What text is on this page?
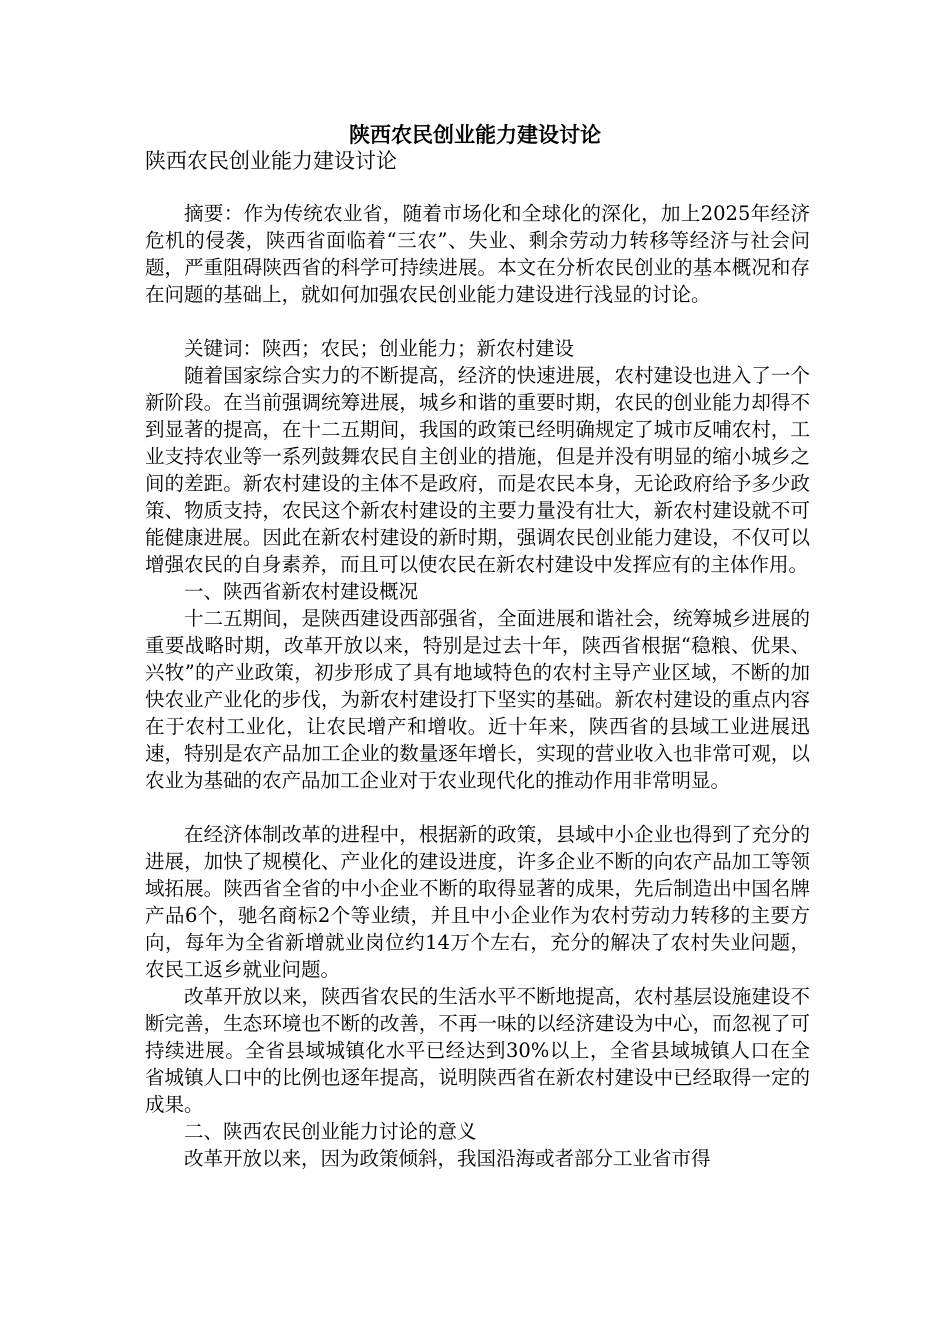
陕西农民创业能力建设讨论
陕西农民创业能力建设讨论

摘要：作为传统农业省，随着市场化和全球化的深化，加上2025年经济危机的侵袭，陕西省面临着“三农”、失业、剩余劳动力转移等经济与社会问题，严重阻碍陕西省的科学可持续进展。本文在分析农民创业的基本概况和存在问题的基础上，就如何加强农民创业能力建设进行浅显的讨论。

关键词：陕西；农民；创业能力；新农村建设

随着国家综合实力的不断提高，经济的快速进展，农村建设也进入了一个新阶段。在当前强调统筹进展，城乡和谐的重要时期，农民的创业能力却得不到显著的提高，在十二五期间，我国的政策已经明确规定了城市反哺农村，工业支持农业等一系列鼓舞农民自主创业的措施，但是并没有明显的缩小城乡之间的差距。新农村建设的主体不是政府，而是农民本身，无论政府给予多少政策、物质支持，农民这个新农村建设的主要力量没有壮大，新农村建设就不可能健康进展。因此在新农村建设的新时期，强调农民创业能力建设，不仅可以增强农民的自身素养，而且可以使农民在新农村建设中发挥应有的主体作用。

一、陕西省新农村建设概况

十二五期间，是陕西建设西部强省，全面进展和谐社会，统筹城乡进展的重要战略时期，改革开放以来，特别是过去十年，陕西省根据“稳粮、优果、兴牧”的产业政策，初步形成了具有地域特色的农村主导产业区域，不断的加快农业产业化的步伐，为新农村建设打下坚实的基础。新农村建设的重点内容在于农村工业化，让农民增产和增收。近十年来，陕西省的县域工业进展迅速，特别是农产品加工企业的数量逐年增长，实现的营业收入也非常可观，以农业为基础的农产品加工企业对于农业现代化的推动作用非常明显。

在经济体制改革的进程中，根据新的政策，县域中小企业也得到了充分的进展，加快了规模化、产业化的建设进度，许多企业不断的向农产品加工等领域拓展。陕西省全省的中小企业不断的取得显著的成果，先后制造出中国名牌产品6个，驰名商标2个等业绩，并且中小企业作为农村劳动力转移的主要方向，每年为全省新增就业岗位约14万个左右，充分的解决了农村失业问题，农民工返乡就业问题。

改革开放以来，陕西省农民的生活水平不断地提高，农村基层设施建设不断完善，生态环境也不断的改善，不再一味的以经济建设为中心，而忽视了可持续进展。全省县域城镇化水平已经达到30%以上，全省县域城镇人口在全省城镇人口中的比例也逐年提高，说明陕西省在新农村建设中已经取得一定的成果。

二、陕西农民创业能力讨论的意义

改革开放以来，因为政策倾斜，我国沿海或者部分工业省市得
